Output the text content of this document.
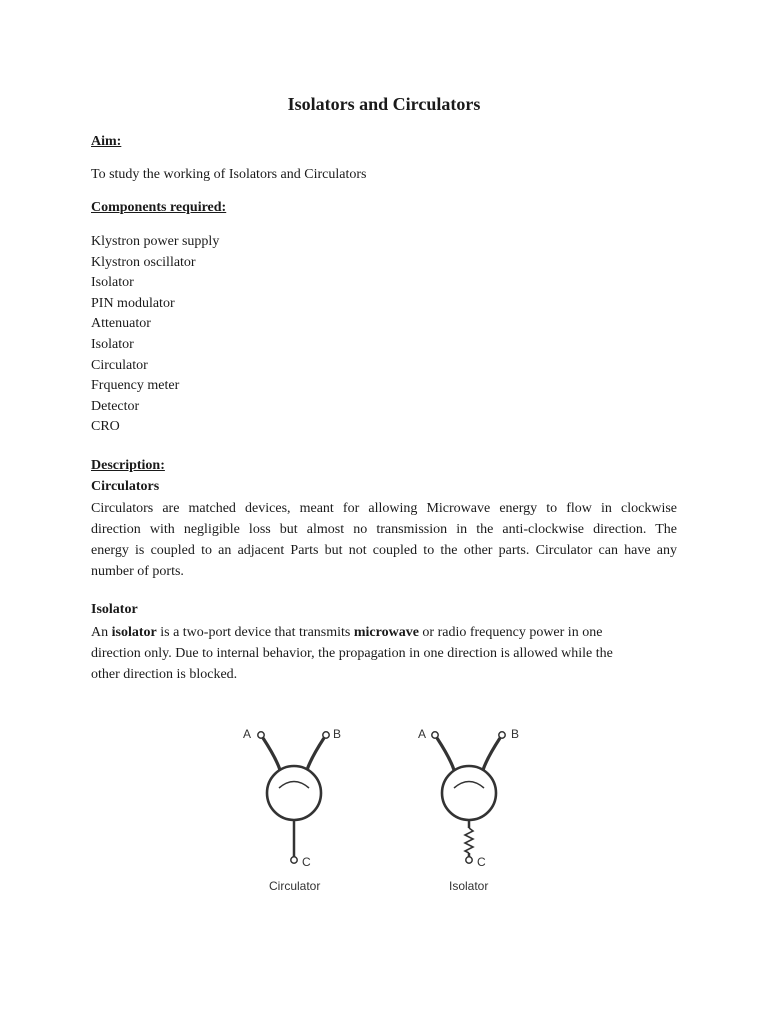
Isolators and Circulators
Aim:
To study the working of Isolators and Circulators
Components required:
Klystron power supply
Klystron oscillator
Isolator
PIN modulator
Attenuator
Isolator
Circulator
Frquency meter
Detector
CRO
Description:
Circulators
Circulators are matched devices, meant for allowing Microwave energy to flow in clockwise
direction with negligible loss but almost no transmission in the anti-clockwise direction. The
energy is coupled to an adjacent Parts but not coupled to the other parts. Circulator can have any
number of ports.
Isolator
An isolator is a two-port device that transmits microwave or radio frequency power in one
direction only. Due to internal behavior, the propagation in one direction is allowed while the
other direction is blocked.
A	B
C
Circulator
A	B
C
Isolator
